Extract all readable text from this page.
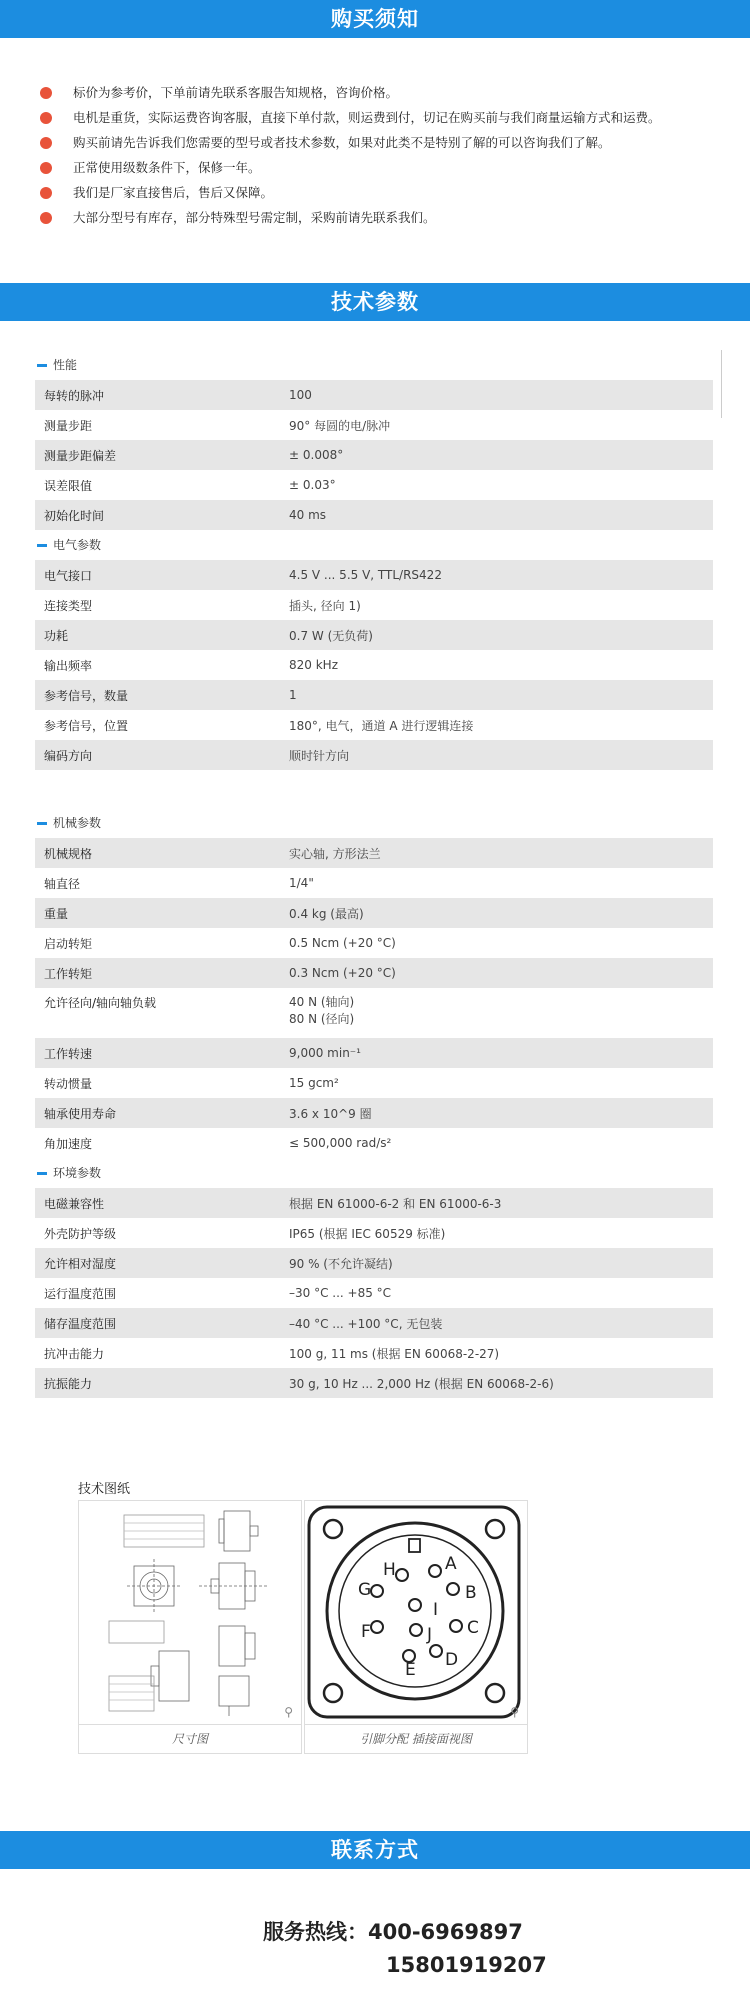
购买须知
标价为参考价，下单前请先联系客服告知规格，咨询价格。
电机是重货，实际运费咨询客服，直接下单付款，则运费到付，切记在购买前与我们商量运输方式和运费。
购买前请先告诉我们您需要的型号或者技术参数，如果对此类不是特别了解的可以咨询我们了解。
正常使用级数条件下，保修一年。
我们是厂家直接售后，售后又保障。
大部分型号有库存，部分特殊型号需定制，采购前请先联系我们。
技术参数
性能
每转的脉冲	100
测量步距	90° 每圆的电/脉冲
测量步距偏差	± 0.008°
误差限值	± 0.03°
初始化时间	40 ms
电气参数
电气接口	4.5 V ... 5.5 V, TTL/RS422
连接类型	插头, 径向 1)
功耗	0.7 W (无负荷)
输出频率	820 kHz
参考信号，数量	1
参考信号，位置	180°, 电气，通道 A 进行逻辑连接
编码方向	顺时针方向
机械参数
机械规格	实心轴, 方形法兰
轴直径	1/4"
重量	0.4 kg (最高)
启动转矩	0.5 Ncm (+20 °C)
工作转矩	0.3 Ncm (+20 °C)
允许径向/轴向轴负载	40 N (轴向)
80 N (径向)
工作转速	9,000 min⁻¹
转动惯量	15 gcm²
轴承使用寿命	3.6 x 10^9 圈
角加速度	≤ 500,000 rad/s²
环境参数
电磁兼容性	根据 EN 61000-6-2 和 EN 61000-6-3
外壳防护等级	IP65 (根据 IEC 60529 标准)
允许相对湿度	90 % (不允许凝结)
运行温度范围	–30 °C ... +85 °C
储存温度范围	–40 °C ... +100 °C, 无包装
抗冲击能力	100 g, 11 ms (根据 EN 60068-2-27)
抗振能力	30 g, 10 Hz ... 2,000 Hz (根据 EN 60068-2-6)
技术图纸
⚲
尺寸图
A
B
C
D
E
F
G
H
I
J
⚲
引脚分配 插接面视图
联系方式
服务热线：400-6969897
15801919207
